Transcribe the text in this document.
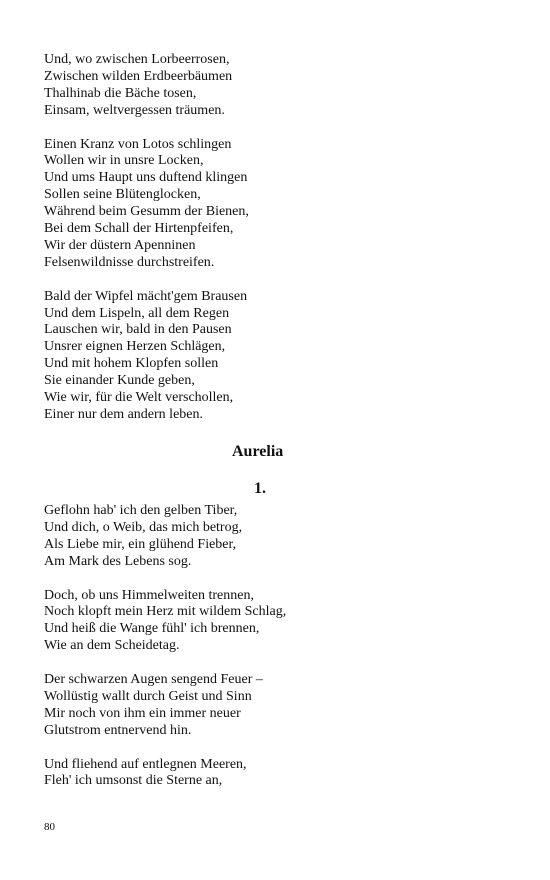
Und, wo zwischen Lorbeerrosen,
Zwischen wilden Erdbeerbäumen
Thalhinab die Bäche tosen,
Einsam, weltvergessen träumen.
Einen Kranz von Lotos schlingen
Wollen wir in unsre Locken,
Und ums Haupt uns duftend klingen
Sollen seine Blütenglocken,
Während beim Gesumm der Bienen,
Bei dem Schall der Hirtenpfeifen,
Wir der düstern Apenninen
Felsenwildnisse durchstreifen.
Bald der Wipfel mächt'gem Brausen
Und dem Lispeln, all dem Regen
Lauschen wir, bald in den Pausen
Unsrer eignen Herzen Schlägen,
Und mit hohem Klopfen sollen
Sie einander Kunde geben,
Wie wir, für die Welt verschollen,
Einer nur dem andern leben.
Aurelia
1.
Geflohn hab' ich den gelben Tiber,
Und dich, o Weib, das mich betrog,
Als Liebe mir, ein glühend Fieber,
Am Mark des Lebens sog.
Doch, ob uns Himmelweiten trennen,
Noch klopft mein Herz mit wildem Schlag,
Und heiß die Wange fühl' ich brennen,
Wie an dem Scheidetag.
Der schwarzen Augen sengend Feuer –
Wollüstig wallt durch Geist und Sinn
Mir noch von ihm ein immer neuer
Glutstrom entnervend hin.
Und fliehend auf entlegnen Meeren,
Fleh' ich umsonst die Sterne an,
80
